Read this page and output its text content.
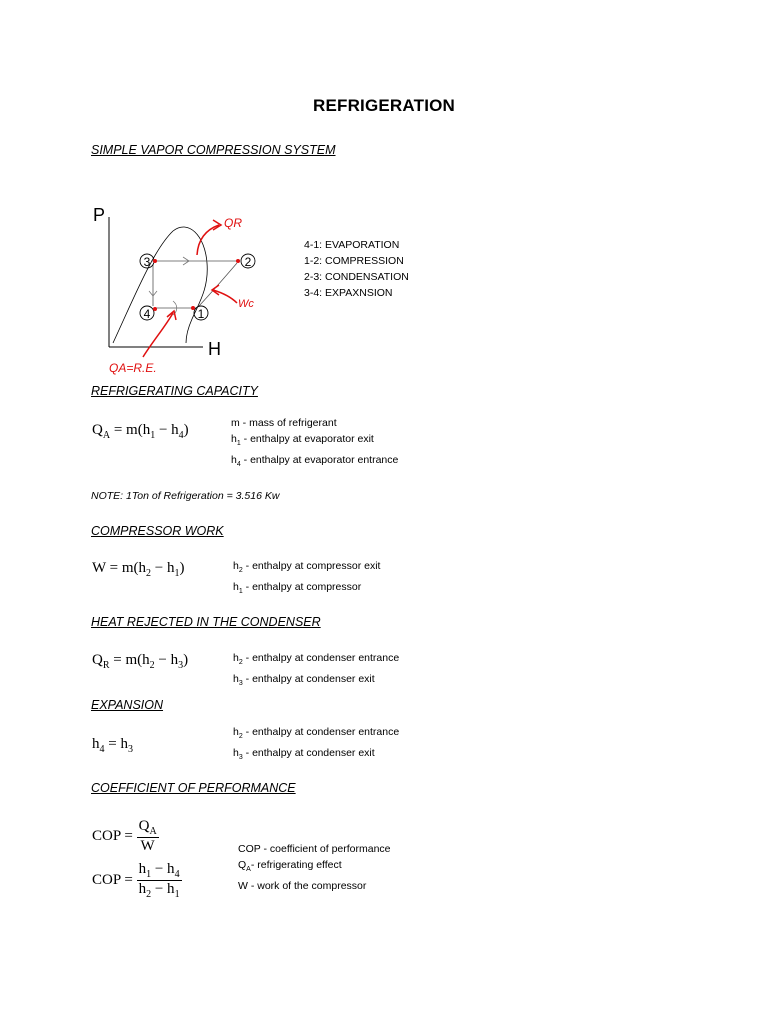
REFRIGERATION
SIMPLE VAPOR COMPRESSION SYSTEM
P
H
3	2
4	1
QR
Wc
QA=R.E.
4-1: EVAPORATION
1-2: COMPRESSION
2-3: CONDENSATION
3-4: EXPAXNSION
REFRIGERATING CAPACITY
$Q_A = m(h_1 - h_4)$	m - mass of refrigerant
$h_1$ - enthalpy at evaporator exit
$h_4$ - enthalpy at evaporator entrance
NOTE: 1Ton of Refrigeration = 3.516 Kw
COMPRESSOR WORK
$W = m(h_2 - h_1)$	$h_2$ - enthalpy at compressor exit
$h_1$ - enthalpy at compressor
HEAT REJECTED IN THE CONDENSER
$Q_R = m(h_2 - h_3)$	$h_2$ - enthalpy at condenser entrance
$h_3$ - enthalpy at condenser exit
EXPANSION
$h_4 = h_3$
$h_2$ - enthalpy at condenser entrance
$h_3$ - enthalpy at condenser exit
COEFFICIENT OF PERFORMANCE
COP = $\frac{Q_A}{W}$
COP = $\frac{h_1 - h_4}{h_2 - h_1}$
COP - coefficient of performance
$Q_A-$ refrigerating effect
W - work of the compressor
